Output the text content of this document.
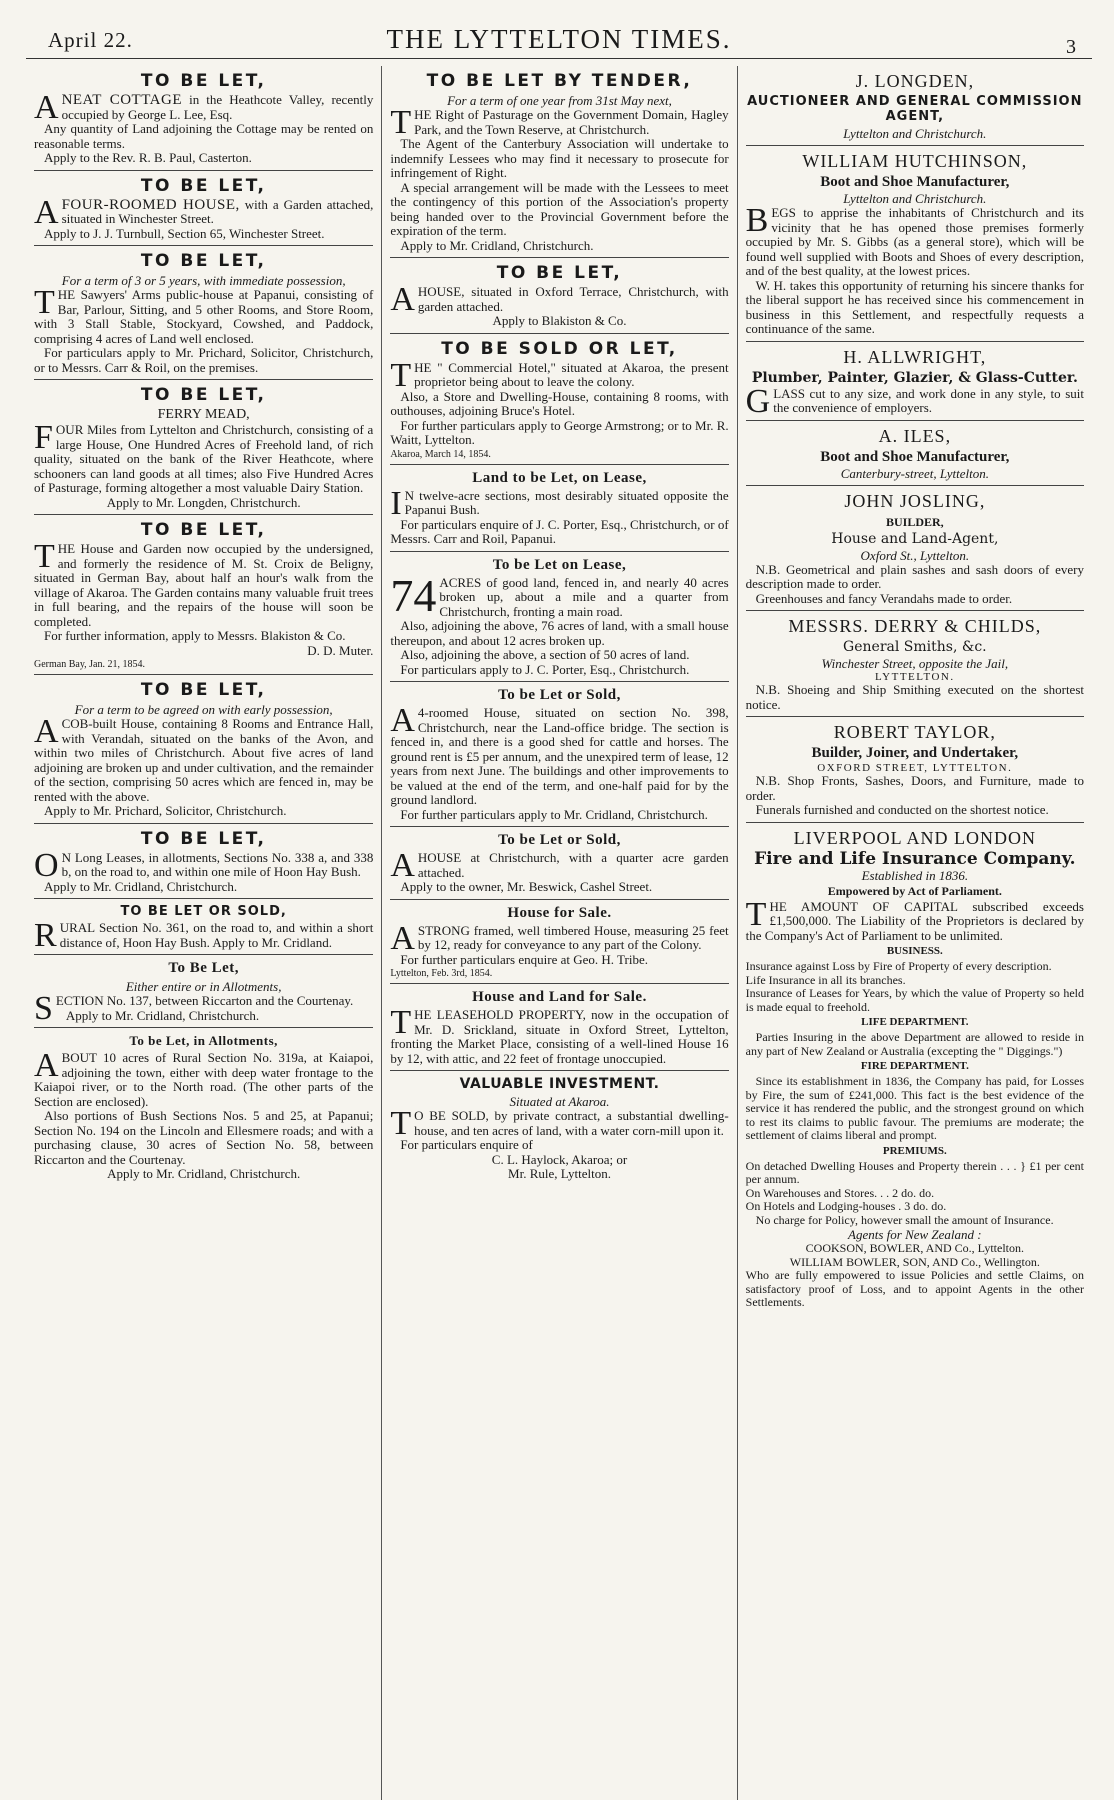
April 22.	THE LYTTELTON TIMES.	3
TO BE LET,

ANEAT COTTAGE in the Heathcote Valley, recently occupied by George L. Lee, Esq.

Any quantity of Land adjoining the Cottage may be rented on reasonable terms.

Apply to the Rev. R. B. Paul, Casterton.

TO BE LET,

AFOUR-ROOMED HOUSE, with a Garden attached, situated in Winchester Street.

Apply to J. J. Turnbull, Section 65, Winchester Street.

TO BE LET,
For a term of 3 or 5 years, with immediate possession,

THE Sawyers' Arms public-house at Papanui, consisting of Bar, Parlour, Sitting, and 5 other Rooms, and Store Room, with 3 Stall Stable, Stockyard, Cowshed, and Paddock, comprising 4 acres of Land well enclosed.

For particulars apply to Mr. Prichard, Solicitor, Christchurch, or to Messrs. Carr & Roil, on the premises.

TO BE LET,
FERRY MEAD,

FOUR Miles from Lyttelton and Christchurch, consisting of a large House, One Hundred Acres of Freehold land, of rich quality, situated on the bank of the River Heathcote, where schooners can land goods at all times; also Five Hundred Acres of Pasturage, forming altogether a most valuable Dairy Station.

Apply to Mr. Longden, Christchurch.

TO BE LET,

THE House and Garden now occupied by the undersigned, and formerly the residence of M. St. Croix de Beligny, situated in German Bay, about half an hour's walk from the village of Akaroa. The Garden contains many valuable fruit trees in full bearing, and the repairs of the house will soon be completed.

For further information, apply to Messrs. Blakiston & Co.

D. D. Muter.

German Bay, Jan. 21, 1854.
TO BE LET,
For a term to be agreed on with early possession,

ACOB-built House, containing 8 Rooms and Entrance Hall, with Verandah, situated on the banks of the Avon, and within two miles of Christchurch. About five acres of land adjoining are broken up and under cultivation, and the remainder of the section, comprising 50 acres which are fenced in, may be rented with the above.

Apply to Mr. Prichard, Solicitor, Christchurch.

TO BE LET,

O N Long Leases, in allotments, Sections No. 338 a, and 338 b, on the road to, and within one mile of Hoon Hay Bush.

Apply to Mr. Cridland, Christchurch.

TO BE LET OR SOLD,

RURAL Section No. 361, on the road to, and within a short distance of, Hoon Hay Bush. Apply to Mr. Cridland.

To Be Let,
Either entire or in Allotments,

SECTION No. 137, between Riccarton and the Courtenay.

Apply to Mr. Cridland, Christchurch.

To be Let, in Allotments,

ABOUT 10 acres of Rural Section No. 319a, at Kaiapoi, adjoining the town, either with deep water frontage to the Kaiapoi river, or to the North road. (The other parts of the Section are enclosed).

Also portions of Bush Sections Nos. 5 and 25, at Papanui; Section No. 194 on the Lincoln and Ellesmere roads; and with a purchasing clause, 30 acres of Section No. 58, between Riccarton and the Courtenay.

Apply to Mr. Cridland, Christchurch.

TO BE LET BY TENDER,
For a term of one year from 31st May next,

THE Right of Pasturage on the Government Domain, Hagley Park, and the Town Reserve, at Christchurch.

The Agent of the Canterbury Association will undertake to indemnify Lessees who may find it necessary to prosecute for infringement of Right.

A special arrangement will be made with the Lessees to meet the contingency of this portion of the Association's property being handed over to the Provincial Government before the expiration of the term.

Apply to Mr. Cridland, Christchurch.

TO BE LET,

AHOUSE, situated in Oxford Terrace, Christchurch, with garden attached.

Apply to Blakiston & Co.

TO BE SOLD OR LET,

THE " Commercial Hotel," situated at Akaroa, the present proprietor being about to leave the colony.

Also, a Store and Dwelling-House, containing 8 rooms, with outhouses, adjoining Bruce's Hotel.

For further particulars apply to George Armstrong; or to Mr. R. Waitt, Lyttelton.

Akaroa, March 14, 1854.
Land to be Let, on Lease,

I N twelve-acre sections, most desirably situated opposite the Papanui Bush.

For particulars enquire of J. C. Porter, Esq., Christchurch, or of Messrs. Carr and Roil, Papanui.

To be Let on Lease,

74 ACRES of good land, fenced in, and nearly 40 acres broken up, about a mile and a quarter from Christchurch, fronting a main road.

Also, adjoining the above, 76 acres of land, with a small house thereupon, and about 12 acres broken up.

Also, adjoining the above, a section of 50 acres of land.

For particulars apply to J. C. Porter, Esq., Christchurch.

To be Let or Sold,

A 4-roomed House, situated on section No. 398, Christchurch, near the Land-office bridge. The section is fenced in, and there is a good shed for cattle and horses. The ground rent is £5 per annum, and the unexpired term of lease, 12 years from next June. The buildings and other improvements to be valued at the end of the term, and one-half paid for by the ground landlord.

For further particulars apply to Mr. Cridland, Christchurch.

To be Let or Sold,

AHOUSE at Christchurch, with a quarter acre garden attached.

Apply to the owner, Mr. Beswick, Cashel Street.

House for Sale.

ASTRONG framed, well timbered House, measuring 25 feet by 12, ready for conveyance to any part of the Colony.

For further particulars enquire at Geo. H. Tribe.

Lyttelton, Feb. 3rd, 1854.
House and Land for Sale.

THE LEASEHOLD PROPERTY, now in the occupation of Mr. D. Srickland, situate in Oxford Street, Lyttelton, fronting the Market Place, consisting of a well-lined House 16 by 12, with attic, and 22 feet of frontage unoccupied.

VALUABLE INVESTMENT.
Situated at Akaroa.

T O BE SOLD, by private contract, a substantial dwelling-house, and ten acres of land, with a water corn-mill upon it.

For particulars enquire of

C. L. Haylock, Akaroa; or

Mr. Rule, Lyttelton.

J. LONGDEN,
AUCTIONEER AND GENERAL COMMISSION AGENT,
Lyttelton and Christchurch.
WILLIAM HUTCHINSON,
Boot and Shoe Manufacturer,
Lyttelton and Christchurch.

BEGS to apprise the inhabitants of Christchurch and its vicinity that he has opened those premises formerly occupied by Mr. S. Gibbs (as a general store), which will be found well supplied with Boots and Shoes of every description, and of the best quality, at the lowest prices.

W. H. takes this opportunity of returning his sincere thanks for the liberal support he has received since his commencement in business in this Settlement, and respectfully requests a continuance of the same.

H. ALLWRIGHT,
Plumber, Painter, Glazier, & Glass-Cutter.

GLASS cut to any size, and work done in any style, to suit the convenience of employers.

A. ILES,
Boot and Shoe Manufacturer,
Canterbury-street, Lyttelton.
JOHN JOSLING,
BUILDER,
House and Land-Agent,
Oxford St., Lyttelton.

N.B. Geometrical and plain sashes and sash doors of every description made to order.

Greenhouses and fancy Verandahs made to order.

MESSRS. DERRY & CHILDS,
General Smiths, &c.
Winchester Street, opposite the Jail,
LYTTELTON.

N.B. Shoeing and Ship Smithing executed on the shortest notice.

ROBERT TAYLOR,
Builder, Joiner, and Undertaker,
OXFORD STREET, LYTTELTON.

N.B. Shop Fronts, Sashes, Doors, and Furniture, made to order.

Funerals furnished and conducted on the shortest notice.

LIVERPOOL AND LONDON
Fire and Life Insurance Company.
Established in 1836.
Empowered by Act of Parliament.

THE AMOUNT OF CAPITAL subscribed exceeds £1,500,000. The Liability of the Proprietors is declared by the Company's Act of Parliament to be unlimited.

BUSINESS.

Insurance against Loss by Fire of Property of every description.

Life Insurance in all its branches.

Insurance of Leases for Years, by which the value of Property so held is made equal to freehold.

LIFE DEPARTMENT.

Parties Insuring in the above Department are allowed to reside in any part of New Zealand or Australia (excepting the " Diggings.")

FIRE DEPARTMENT.

Since its establishment in 1836, the Company has paid, for Losses by Fire, the sum of £241,000. This fact is the best evidence of the service it has rendered the public, and the strongest ground on which to rest its claims to public favour. The premiums are moderate; the settlement of claims liberal and prompt.

PREMIUMS.

On detached Dwelling Houses and Property therein . . . } £1 per cent per annum.

On Warehouses and Stores. . . 2 do. do.

On Hotels and Lodging-houses . 3 do. do.

No charge for Policy, however small the amount of Insurance.

Agents for New Zealand :

COOKSON, BOWLER, AND Co., Lyttelton.

WILLIAM BOWLER, SON, AND Co., Wellington.

Who are fully empowered to issue Policies and settle Claims, on satisfactory proof of Loss, and to appoint Agents in the other Settlements.
